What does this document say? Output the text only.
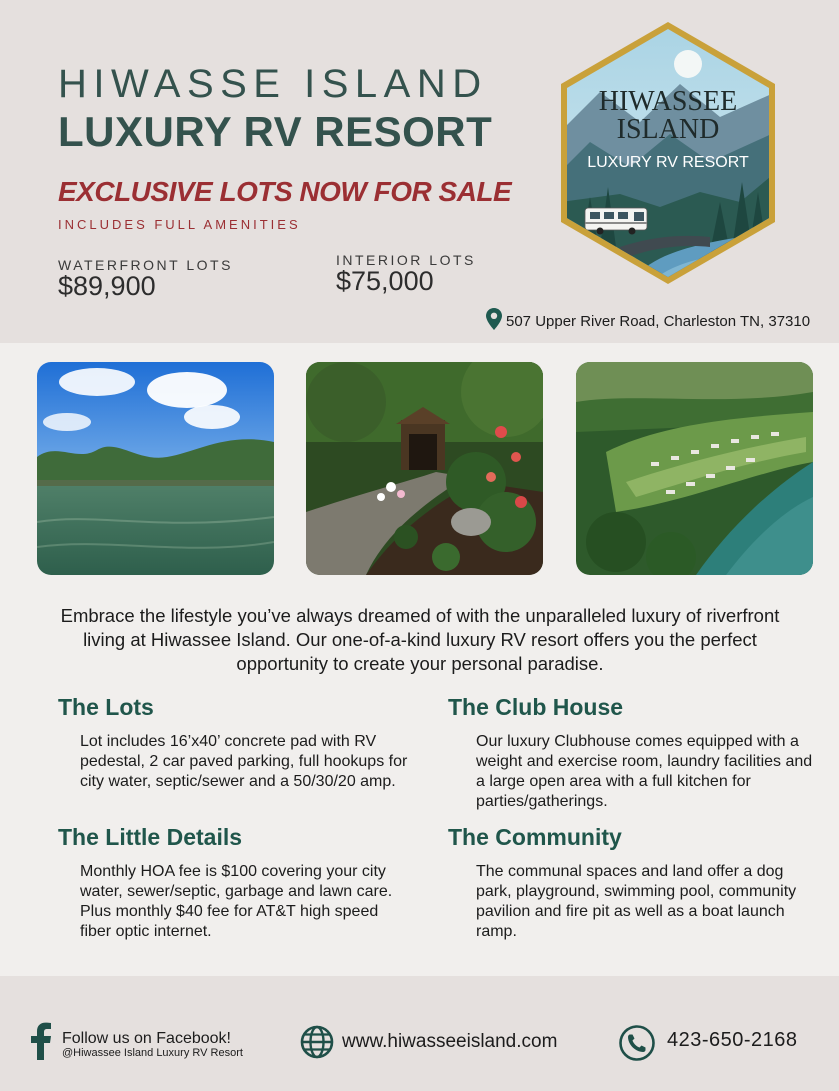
HIWASSE ISLAND
LUXURY RV RESORT
EXCLUSIVE LOTS NOW FOR SALE
INCLUDES FULL AMENITIES
WATERFRONT LOTS
$89,900
INTERIOR LOTS
$75,000
507 Upper River Road, Charleston TN, 37310
HIWASSEE
ISLAND
LUXURY RV RESORT
Embrace the lifestyle you’ve always dreamed of with the unparalleled luxury of riverfront living at Hiwassee Island. Our one-of-a-kind luxury RV resort offers you the perfect opportunity to create your personal paradise.
The Lots
Lot includes 16’x40’ concrete pad with RV pedestal, 2 car paved parking, full hookups for city water, septic/sewer and a 50/30/20 amp.
The Club House
Our luxury Clubhouse comes equipped with a weight and exercise room, laundry facilities and a large open area with a full kitchen for parties/gatherings.
The Little Details
Monthly HOA fee is $100 covering your city water, sewer/septic, garbage and lawn care. Plus monthly $40 fee for AT&T high speed fiber optic internet.
The Community
The communal spaces and land offer a dog park, playground, swimming pool, community pavilion and fire pit as well as a boat launch ramp.
Follow us on Facebook!
@Hiwassee Island Luxury RV Resort
www.hiwasseeisland.com	423-650-2168
